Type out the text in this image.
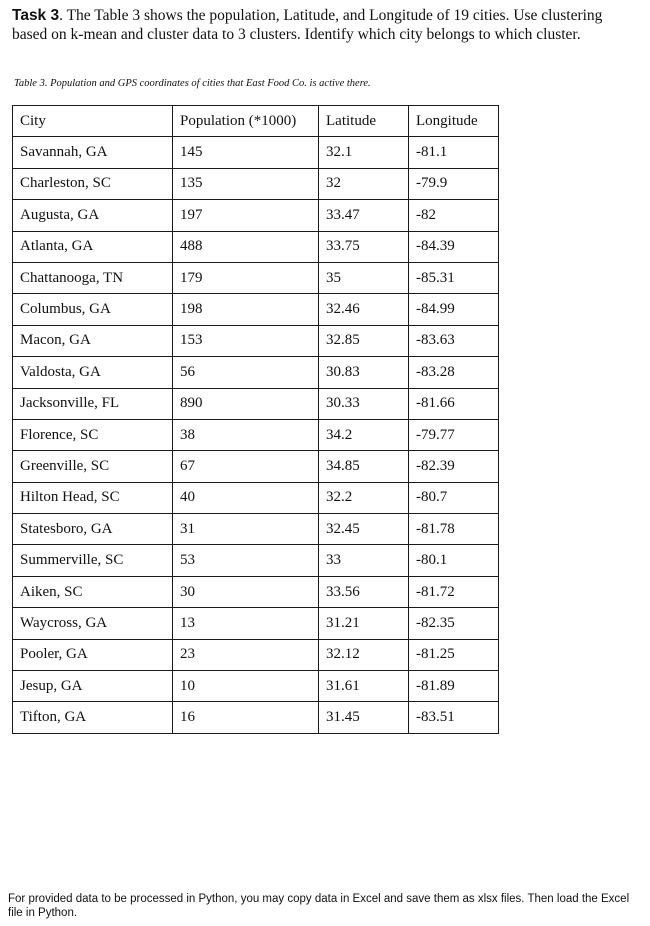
Task 3. The Table 3 shows the population, Latitude, and Longitude of 19 cities. Use clustering based on k-mean and cluster data to 3 clusters. Identify which city belongs to which cluster.

Table 3. Population and GPS coordinates of cities that East Food Co. is active there.

City	Population (*1000)	Latitude	Longitude
Savannah, GA	145	32.1	-81.1
Charleston, SC	135	32	-79.9
Augusta, GA	197	33.47	-82
Atlanta, GA	488	33.75	-84.39
Chattanooga, TN	179	35	-85.31
Columbus, GA	198	32.46	-84.99
Macon, GA	153	32.85	-83.63
Valdosta, GA	56	30.83	-83.28
Jacksonville, FL	890	30.33	-81.66
Florence, SC	38	34.2	-79.77
Greenville, SC	67	34.85	-82.39
Hilton Head, SC	40	32.2	-80.7
Statesboro, GA	31	32.45	-81.78
Summerville, SC	53	33	-80.1
Aiken, SC	30	33.56	-81.72
Waycross, GA	13	31.21	-82.35
Pooler, GA	23	32.12	-81.25
Jesup, GA	10	31.61	-81.89
Tifton, GA	16	31.45	-83.51

For provided data to be processed in Python, you may copy data in Excel and save them as xlsx files. Then load the Excel file in Python.
